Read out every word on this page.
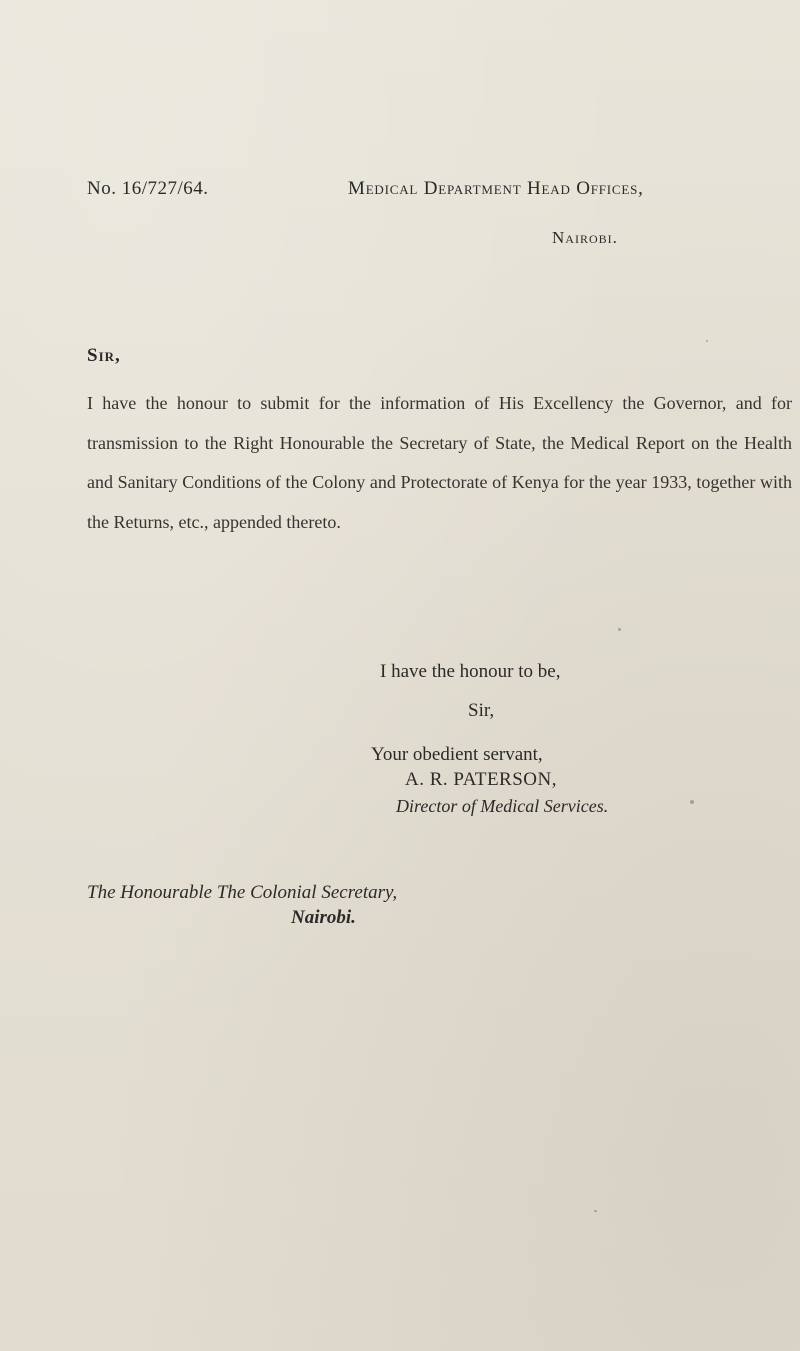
No. 16/727/64.	Medical Department Head Offices,
Nairobi.
Sir,
I have the honour to submit for the information of His Excellency the Governor, and for transmission to the Right Honourable the Secretary of State, the Medical Report on the Health and Sanitary Conditions of the Colony and Protectorate of Kenya for the year 1933, together with the Returns, etc., appended thereto.
I have the honour to be,
Sir,
Your obedient servant,
A. R. PATERSON,
Director of Medical Services.
The Honourable The Colonial Secretary,
Nairobi.
